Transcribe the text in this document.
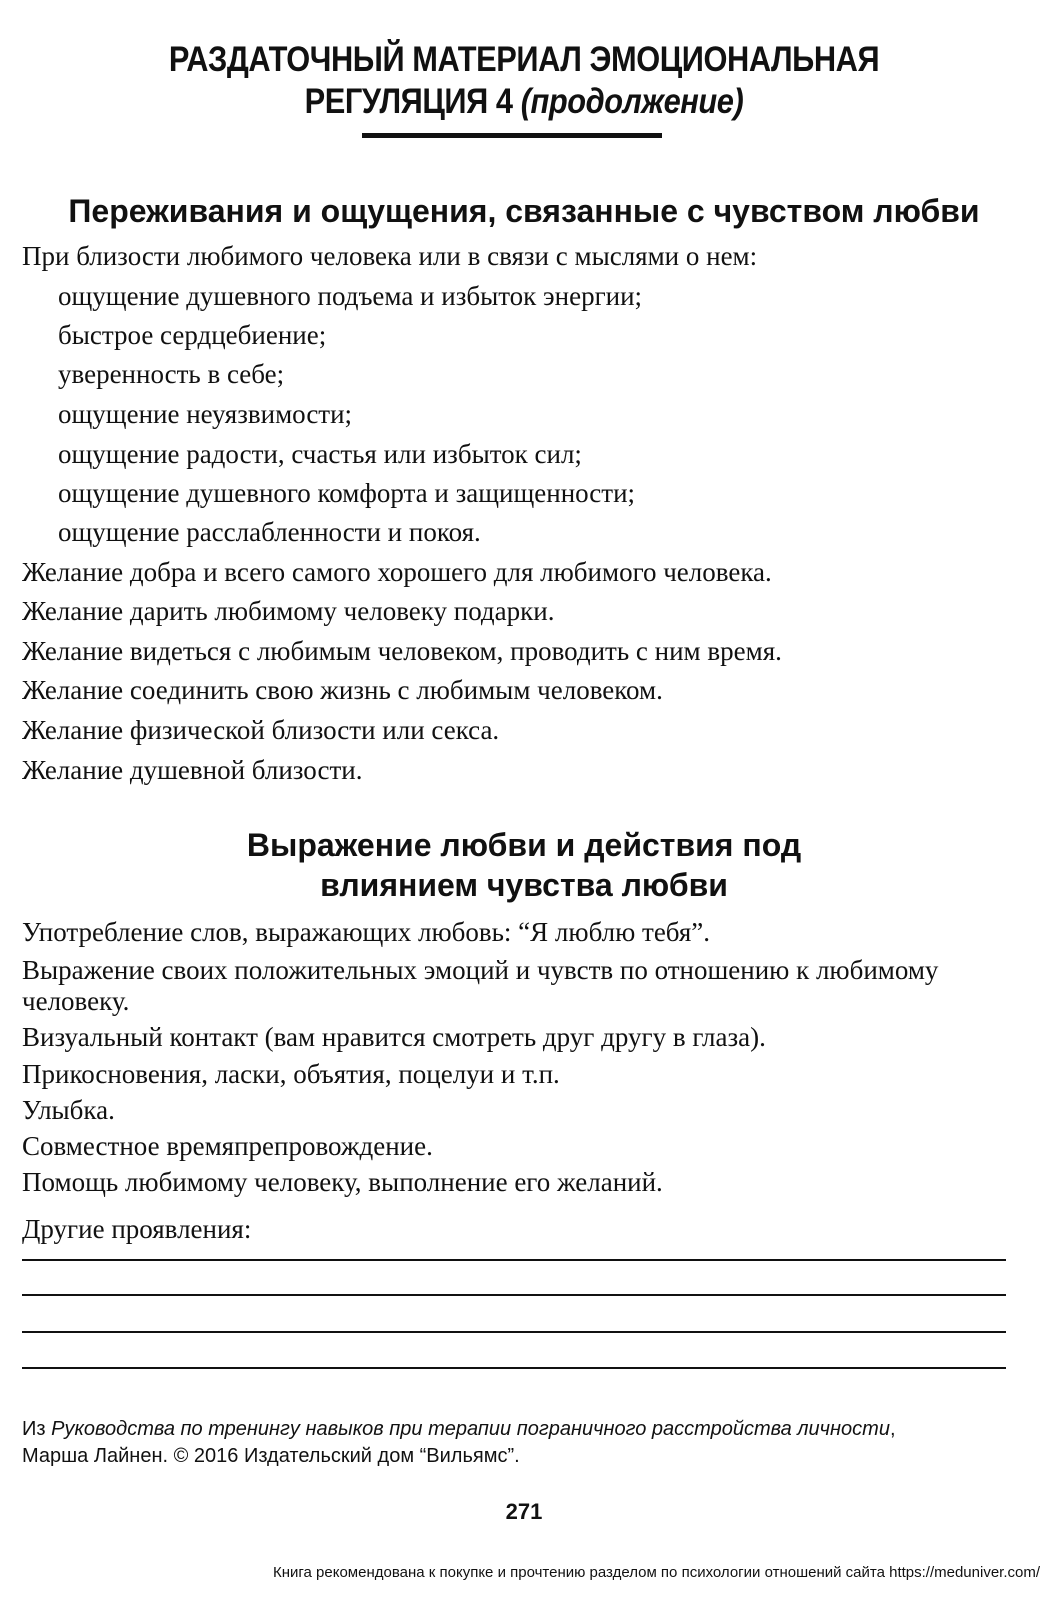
РАЗДАТОЧНЫЙ МАТЕРИАЛ ЭМОЦИОНАЛЬНАЯ
РЕГУЛЯЦИЯ 4 (продолжение)
Переживания и ощущения, связанные с чувством любви
При близости любимого человека или в связи с мыслями о нем:
ощущение душевного подъема и избыток энергии;
быстрое сердцебиение;
уверенность в себе;
ощущение неуязвимости;
ощущение радости, счастья или избыток сил;
ощущение душевного комфорта и защищенности;
ощущение расслабленности и покоя.
Желание добра и всего самого хорошего для любимого человека.
Желание дарить любимому человеку подарки.
Желание видеться с любимым человеком, проводить с ним время.
Желание соединить свою жизнь с любимым человеком.
Желание физической близости или секса.
Желание душевной близости.
Выражение любви и действия под
влиянием чувства любви
Употребление слов, выражающих любовь: “Я люблю тебя”.
Выражение своих положительных эмоций и чувств по отношению к любимому
человеку.
Визуальный контакт (вам нравится смотреть друг другу в глаза).
Прикосновения, ласки, объятия, поцелуи и т.п.
Улыбка.
Совместное времяпрепровождение.
Помощь любимому человеку, выполнение его желаний.
Другие проявления:
Из Руководства по тренингу навыков при терапии пограничного расстройства личности,
Марша Лайнен. © 2016 Издательский дом “Вильямс”.
271
Книга рекомендована к покупке и прочтению разделом по психологии отношений сайта https://meduniver.com/
